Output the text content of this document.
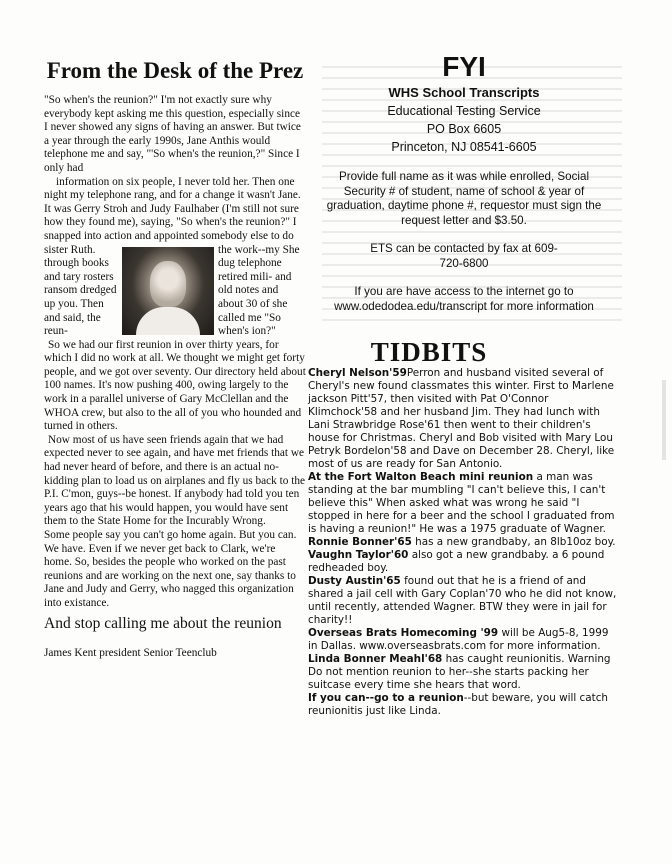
From the Desk of the Prez

"So when's the reunion?" I'm not exactly sure why everybody kept asking me this question, especially since I never showed any signs of having an answer. But twice a year through the early 1990s, Jane Anthis would telephone me and say, "'So when's the reunion,?" Since I only had

information on six people, I never told her. Then one night my telephone rang, and for a change it wasn't Jane. It was Gerry Stroh and Judy Faulhaber (I'm still not sure how they found me), saying, "So when's the reunion?" I snapped into action and appointed somebody else to do

sister Ruth. through books and tary rosters ransom dredged up you. Then and said, the reun-
the work--my She dug telephone retired mili- and old notes and about 30 of she called me "So when's ion?"

So we had our first reunion in over thirty years, for which I did no work at all. We thought we might get forty people, and we got over seventy. Our directory held about 100 names. It's now pushing 400, owing largely to the work in a parallel universe of Gary McClellan and the WHOA crew, but also to the all of you who hounded and turned in others.

Now most of us have seen friends again that we had expected never to see again, and have met friends that we had never heard of before, and there is an actual no-kidding plan to load us on airplanes and fly us back to the P.I. C'mon, guys--be honest. If anybody had told you ten years ago that his would happen, you would have sent them to the State Home for the Incurably Wrong.

Some people say you can't go home again. But you can. We have. Even if we never get back to Clark, we're home. So, besides the people who worked on the past reunions and are working on the next one, say thanks to Jane and Judy and Gerry, who nagged this organization into existance.

And stop calling me about the reunion
James Kent president Senior Teenclub
FYI
WHS School Transcripts
Educational Testing Service
PO Box 6605
Princeton, NJ 08541-6605
Provide full name as it was while enrolled, Social Security # of student, name of school & year of graduation, daytime phone #, requestor must sign the request letter and $3.50.
ETS can be contacted by fax at 609-720-6800
If you are have access to the internet go to www.odedodea.edu/transcript for more information
TIDBITS

Cheryl Nelson'59Perron and husband visited several of Cheryl's new found classmates this winter. First to Marlene jackson Pitt'57, then visited with Pat O'Connor Klimchock'58 and her husband Jim. They had lunch with Lani Strawbridge Rose'61 then went to their children's house for Christmas. Cheryl and Bob visited with Mary Lou Petryk Bordelon'58 and Dave on December 28. Cheryl, like most of us are ready for San Antonio.

At the Fort Walton Beach mini reunion a man was standing at the bar mumbling "I can't believe this, I can't believe this" When asked what was wrong he said "I stopped in here for a beer and the school I graduated from is having a reunion!" He was a 1975 graduate of Wagner.

Ronnie Bonner'65 has a new grandbaby, an 8lb10oz boy.

Vaughn Taylor'60 also got a new grandbaby. a 6 pound redheaded boy.

Dusty Austin'65 found out that he is a friend of and shared a jail cell with Gary Coplan'70 who he did not know, until recently, attended Wagner. BTW they were in jail for charity!!

Overseas Brats Homecoming '99 will be Aug5-8, 1999 in Dallas. www.overseasbrats.com for more information.

Linda Bonner Meahl'68 has caught reunionitis. Warning Do not mention reunion to her--she starts packing her suitcase every time she hears that word.

If you can--go to a reunion--but beware, you will catch reunionitis just like Linda.
